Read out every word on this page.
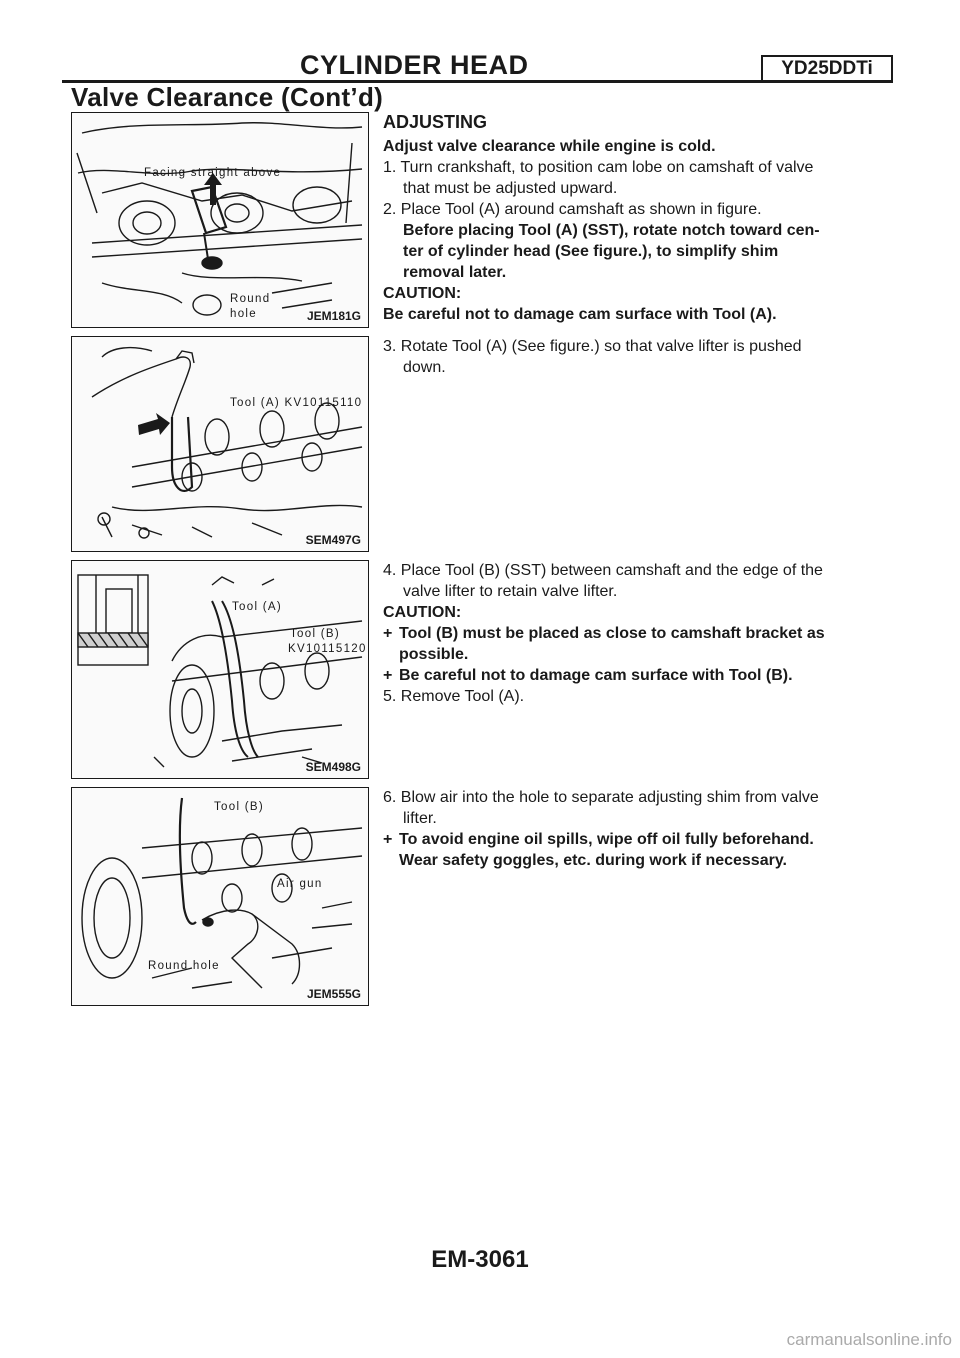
CYLINDER HEAD	YD25DDTi
Valve Clearance (Cont’d)
Facing straight above
Round
hole	JEM181G
Tool (A) KV10115110
SEM497G
Tool (A)
Tool (B)
KV10115120
SEM498G
Tool (B)
Air gun
Round hole
JEM555G

ADJUSTING

Adjust valve clearance while engine is cold.

1. Turn crankshaft, to position cam lobe on camshaft of valve

that must be adjusted upward.

2. Place Tool (A) around camshaft as shown in figure.

Before placing Tool (A) (SST), rotate notch toward cen-

ter of cylinder head (See figure.), to simplify shim

removal later.

CAUTION:

Be careful not to damage cam surface with Tool (A).

3. Rotate Tool (A) (See figure.) so that valve lifter is pushed

down.

4. Place Tool (B) (SST) between camshaft and the edge of the

valve lifter to retain valve lifter.

CAUTION:

+ Tool (B) must be placed as close to camshaft bracket as

possible.

+ Be careful not to damage cam surface with Tool (B).

5. Remove Tool (A).

6. Blow air into the hole to separate adjusting shim from valve

lifter.

+ To avoid engine oil spills, wipe off oil fully beforehand.

Wear safety goggles, etc. during work if necessary.

EM-3061
carmanualsonline.info
